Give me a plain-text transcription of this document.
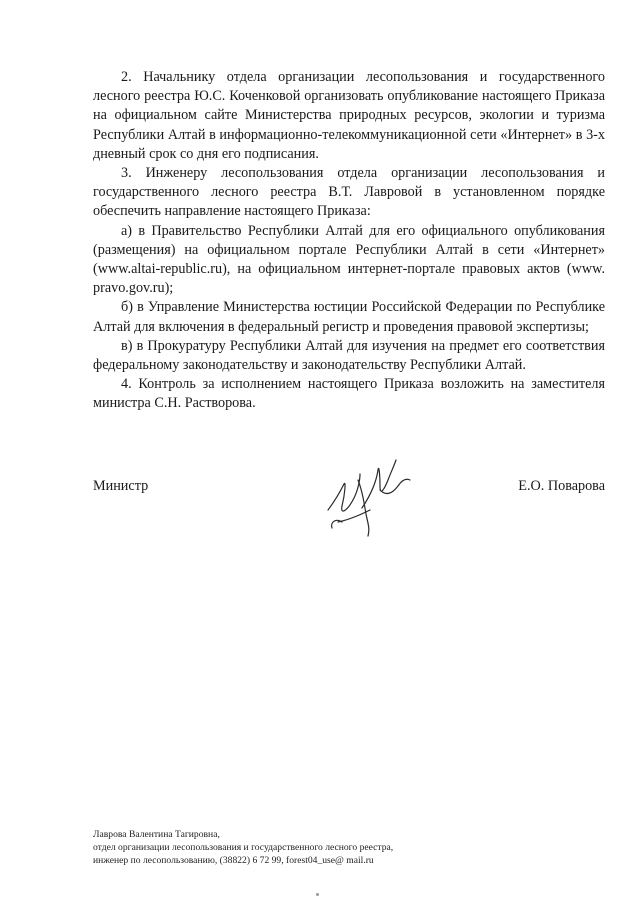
2. Начальнику отдела организации лесопользования и государственного лесного реестра Ю.С. Коченковой организовать опубликование настоящего Приказа на официальном сайте Министерства природных ресурсов, экологии и туризма Республики Алтай в информационно-телекоммуникационной сети «Интернет» в 3-х дневный срок со дня его подписания.

3. Инженеру лесопользования отдела организации лесопользования и государственного лесного реестра В.Т. Лавровой в установленном порядке обеспечить направление настоящего Приказа:

а) в Правительство Республики Алтай для его официального опубликования (размещения) на официальном портале Республики Алтай в сети «Интернет» (www.altai-republic.ru), на официальном интернет-портале правовых актов (www. pravo.gov.ru);

б) в Управление Министерства юстиции Российской Федерации по Республике Алтай для включения в федеральный регистр и проведения правовой экспертизы;

в) в Прокуратуру Республики Алтай для изучения на предмет его соответствия федеральному законодательству и законодательству Республики Алтай.

4. Контроль за исполнением настоящего Приказа возложить на заместителя министра С.Н. Растворова.

Министр	Е.О. Поварова
Лаврова Валентина Тагировна,
отдел организации лесопользования и государственного лесного реестра,
инженер по лесопользованию, (38822) 6 72 99, forest04_use@ mail.ru
